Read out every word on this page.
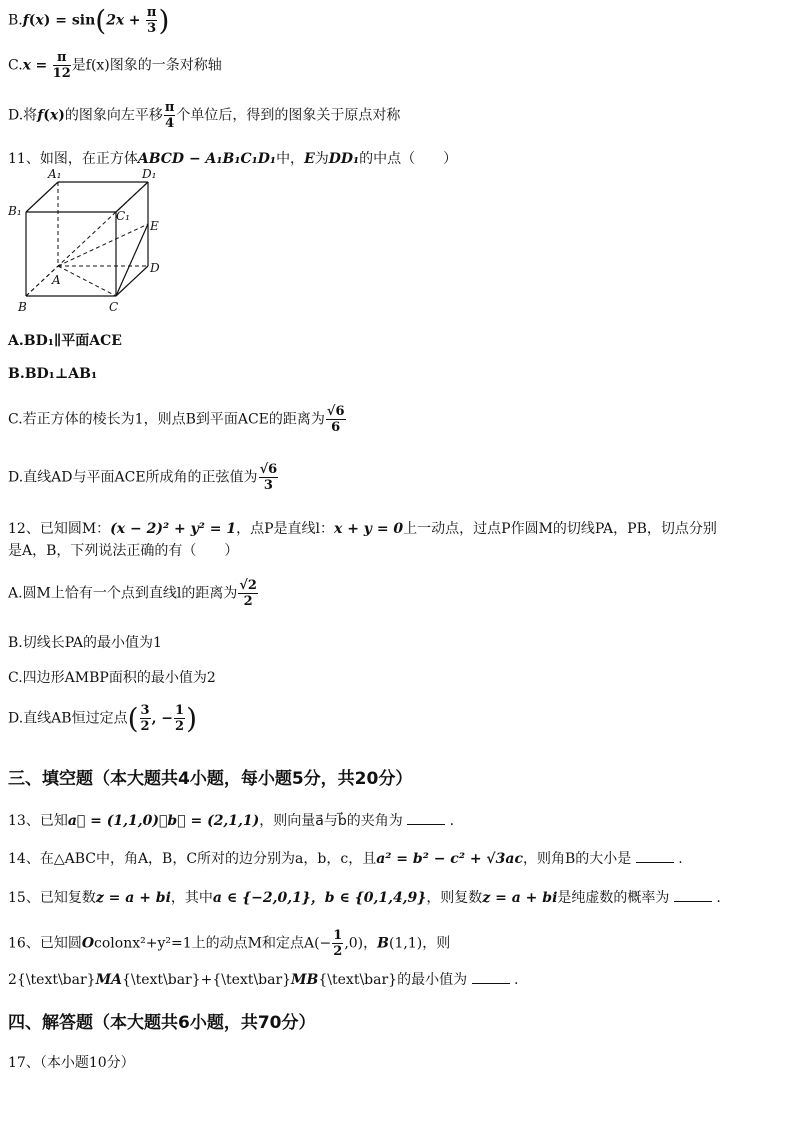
$B.f(x) = \sin(2x + \frac{\pi}{3}$ )
$C.x = \frac{\pi}{12}$ 是f(x)图象的一条对称轴
D.将f(x)的图象向左平移 $\frac{\pi}{4}$ 个单位后，得到的图象关于原点对称
11、如图，在正方体ABCD − A₁B₁C₁D₁中，E为DD₁的中点（　　）
A₁	D₁
B₁	C₁
E
D
A
B	C
A.BD₁∥平面ACE
B.BD₁⊥AB₁
C.若正方体的棱长为1，则点B到平面ACE的距离为 $\frac{√6}{6}$
D.直线AD与平面ACE所成角的正弦值为 $\frac{√6}{3}$
12、已知圆M：(x − 2)² + y² = 1，点P是直线l：x + y = 0上一动点，过点P作圆M的切线PA，PB，切点分别
是A，B，下列说法正确的有（　　）
A.圆M上恰有一个点到直线l的距离为 $\frac{√2}{2}$
B.切线长PA的最小值为1
C.四边形AMBP面积的最小值为2
D.直线AB恒过定点( $\frac{3}{2}$ , − $\frac{1}{2}$ )
三、填空题（本大题共4小题，每小题5分，共20分）
13、已知a⃗ = (1,1,0)，b⃗ = (2,1,1)，则向量a⃗与b⃗的夹角为	.
14、在△ABC中，角A，B，C所对的边分别为a，b，c，且a² = b² − c² + √3ac，则角B的大小是	.
15、已知复数z = a + bi，其中a ∈ {−2,0,1}，b ∈ {0,1,4,9}，则复数z = a + bi是纯虚数的概率为	.
16、已知圆Ocolonx²+y²=1上的动点M和定点$A(- \frac{1}{2} ,0)$，B(1,1)，则
2{\text\bar}MA{\text\bar}+{\text\bar}MB{\text\bar}的最小值为	.
四、解答题（本大题共6小题，共70分）
17、（本小题10分）
